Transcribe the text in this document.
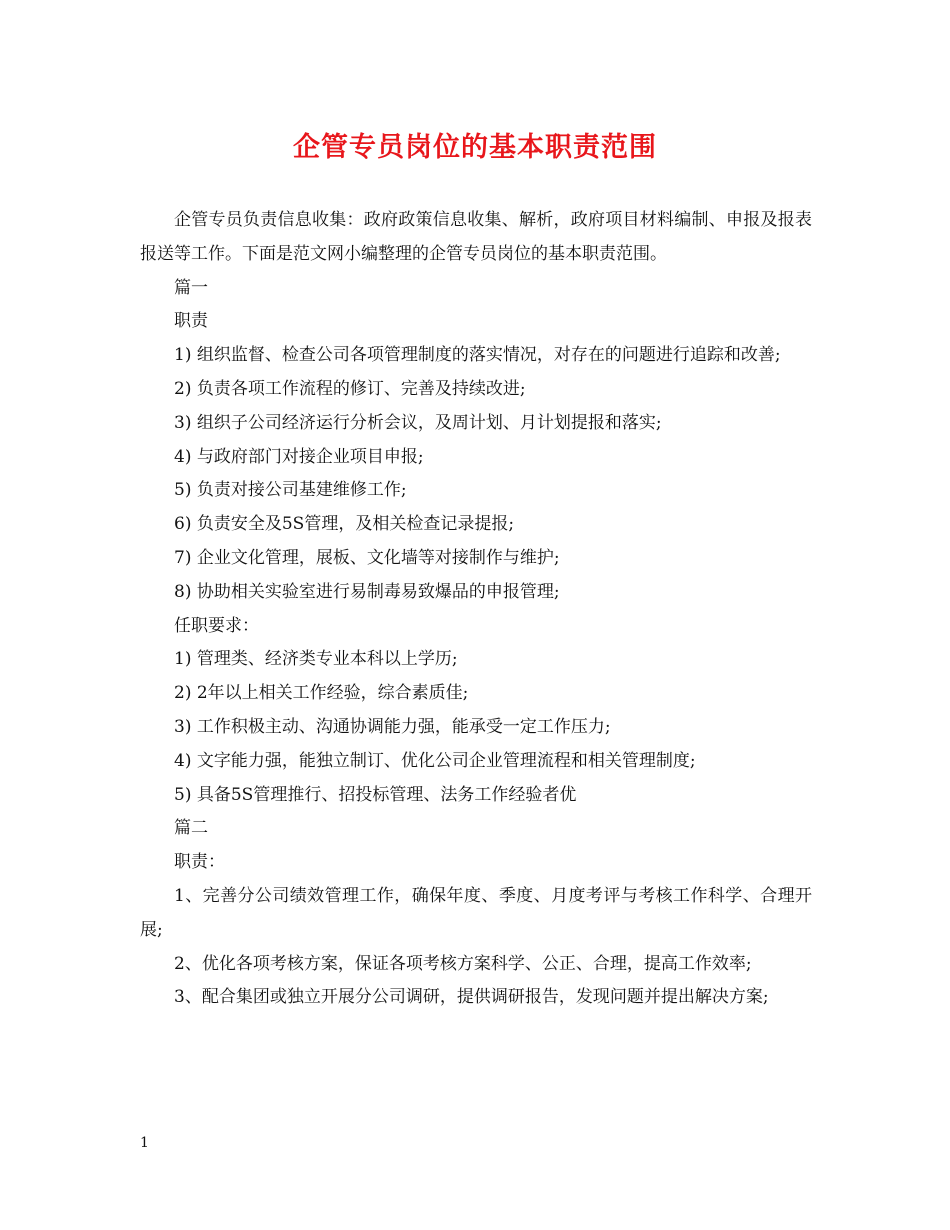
企管专员岗位的基本职责范围

企管专员负责信息收集：政府政策信息收集、解析，政府项目材料编制、申报及报表报送等工作。下面是范文网小编整理的企管专员岗位的基本职责范围。

篇一

职责

1) 组织监督、检查公司各项管理制度的落实情况，对存在的问题进行追踪和改善;

2) 负责各项工作流程的修订、完善及持续改进;

3) 组织子公司经济运行分析会议，及周计划、月计划提报和落实;

4) 与政府部门对接企业项目申报;

5) 负责对接公司基建维修工作;

6) 负责安全及5S管理，及相关检查记录提报;

7) 企业文化管理，展板、文化墙等对接制作与维护;

8) 协助相关实验室进行易制毒易致爆品的申报管理;

任职要求：

1) 管理类、经济类专业本科以上学历;

2) 2年以上相关工作经验，综合素质佳;

3) 工作积极主动、沟通协调能力强，能承受一定工作压力;

4) 文字能力强，能独立制订、优化公司企业管理流程和相关管理制度;

5) 具备5S管理推行、招投标管理、法务工作经验者优

篇二

职责：

1、完善分公司绩效管理工作，确保年度、季度、月度考评与考核工作科学、合理开展;

2、优化各项考核方案，保证各项考核方案科学、公正、合理，提高工作效率;

3、配合集团或独立开展分公司调研，提供调研报告，发现问题并提出解决方案;

1
